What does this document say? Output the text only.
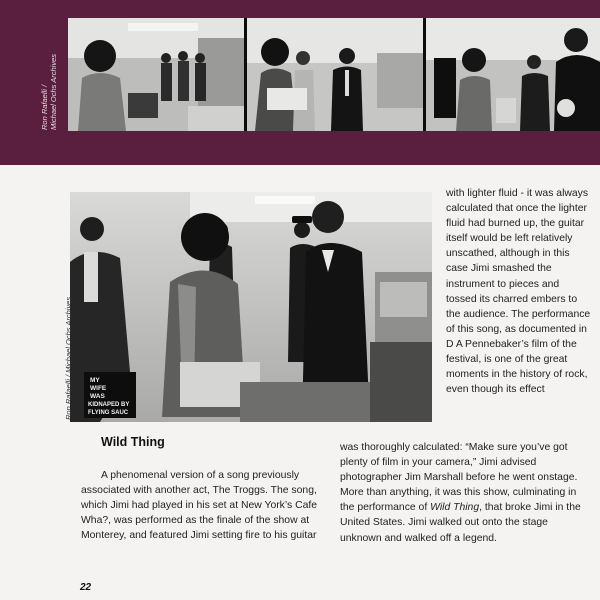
Ron Rafaelli / Michael Ochs Archives
MY
WIFE
WAS
KIDNAPED BY
FLYING SAUC
Ron Rafaelli / Michael Ochs Archives

with lighter fluid - it was always calculated that once the lighter fluid had burned up, the guitar itself would be left relatively unscathed, although in this case Jimi smashed the instrument to pieces and tossed its charred embers to the audience. The performance of this song, as documented in D A Pennebaker’s film of the festival, is one of the great moments in the history of rock, even though its effect

Wild Thing

A phenomenal version of a song previously associated with another act, The Troggs. The song, which Jimi had played in his set at New York’s Cafe Wha?, was performed as the finale of the show at Monterey, and featured Jimi setting fire to his guitar

was thoroughly calculated: “Make sure you’ve got plenty of film in your camera,” Jimi advised photographer Jim Marshall before he went onstage. More than anything, it was this show, culminating in the performance of Wild Thing, that broke Jimi in the United States. Jimi walked out onto the stage unknown and walked off a legend.

22
